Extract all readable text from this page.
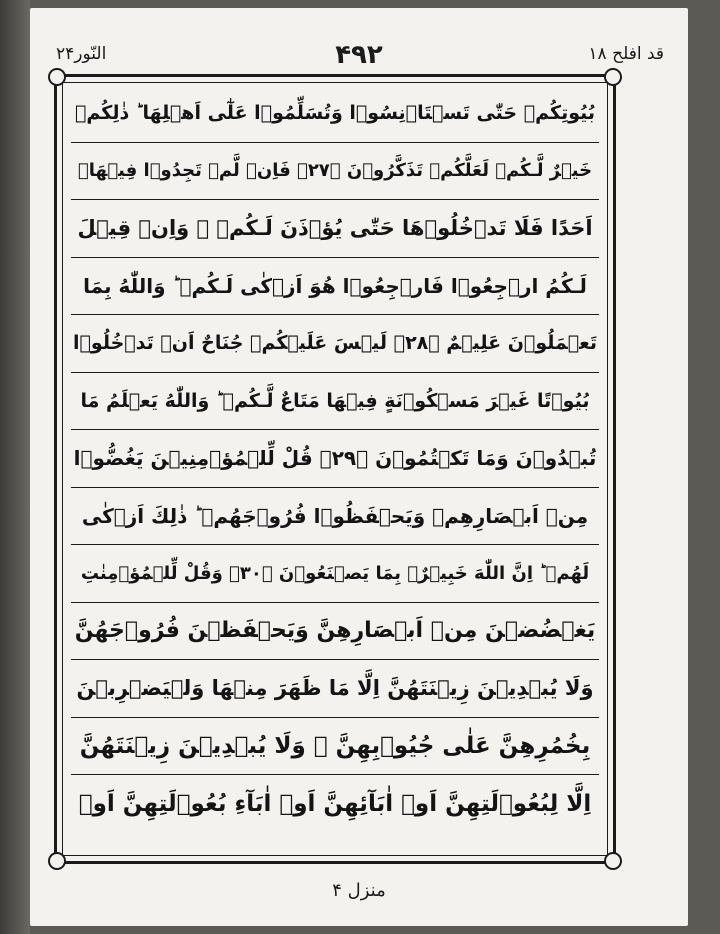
النّور۲۴	۴۹۲	قد افلح ۱۸
منزل ۴
بُيُوتِكُمۡ حَتّٰى تَسۡتَاۡنِسُوۡا وَتُسَلِّمُوۡا عَلٰٓى اَهۡلِهَا ؕ ذٰلِكُمۡ
خَيۡرٌ لَّـكُمۡ لَعَلَّكُمۡ تَذَكَّرُوۡنَ ﴿۲۷﴾ فَاِنۡ لَّمۡ تَجِدُوۡا فِيۡهَاۤ
اَحَدًا فَلَا تَدۡخُلُوۡهَا حَتّٰى يُؤۡذَنَ لَـكُمۡ ۚ وَاِنۡ قِيۡلَ
لَـكُمُ ارۡجِعُوۡا فَارۡجِعُوۡا هُوَ اَزۡكٰى لَـكُمۡ ؕ وَاللّٰهُ بِمَا
تَعۡمَلُوۡنَ عَلِيۡمٌ ﴿۲۸﴾ لَيۡسَ عَلَيۡكُمۡ جُنَاحٌ اَنۡ تَدۡخُلُوۡا
بُيُوۡتًا غَيۡرَ مَسۡكُوۡنَةٍ فِيۡهَا مَتَاعٌ لَّـكُمۡ ؕ وَاللّٰهُ يَعۡلَمُ مَا
تُبۡدُوۡنَ وَمَا تَكۡتُمُوۡنَ ﴿۲۹﴾ قُلْ لِّلۡمُؤۡمِنِيۡنَ يَغُضُّوۡا
مِنۡ اَبۡصَارِهِمۡ وَيَحۡفَظُوۡا فُرُوۡجَهُمۡ ؕ ذٰلِكَ اَزۡكٰى
لَهُمۡ ؕ اِنَّ اللّٰهَ خَبِيۡرٌۢ بِمَا يَصۡنَعُوۡنَ ﴿۳۰﴾ وَقُلْ لِّلۡمُؤۡمِنٰتِ
يَغۡضُضۡنَ مِنۡ اَبۡصَارِهِنَّ وَيَحۡفَظۡنَ فُرُوۡجَهُنَّ
وَلَا يُبۡدِيۡنَ زِيۡنَتَهُنَّ اِلَّا مَا ظَهَرَ مِنۡهَا وَلۡيَضۡرِبۡنَ
بِخُمُرِهِنَّ عَلٰى جُيُوۡبِهِنَّ ۖ وَلَا يُبۡدِيۡنَ زِيۡنَتَهُنَّ
اِلَّا لِبُعُوۡلَتِهِنَّ اَوۡ اٰبَآئِهِنَّ اَوۡ اٰبَآءِ بُعُوۡلَتِهِنَّ اَوۡ
